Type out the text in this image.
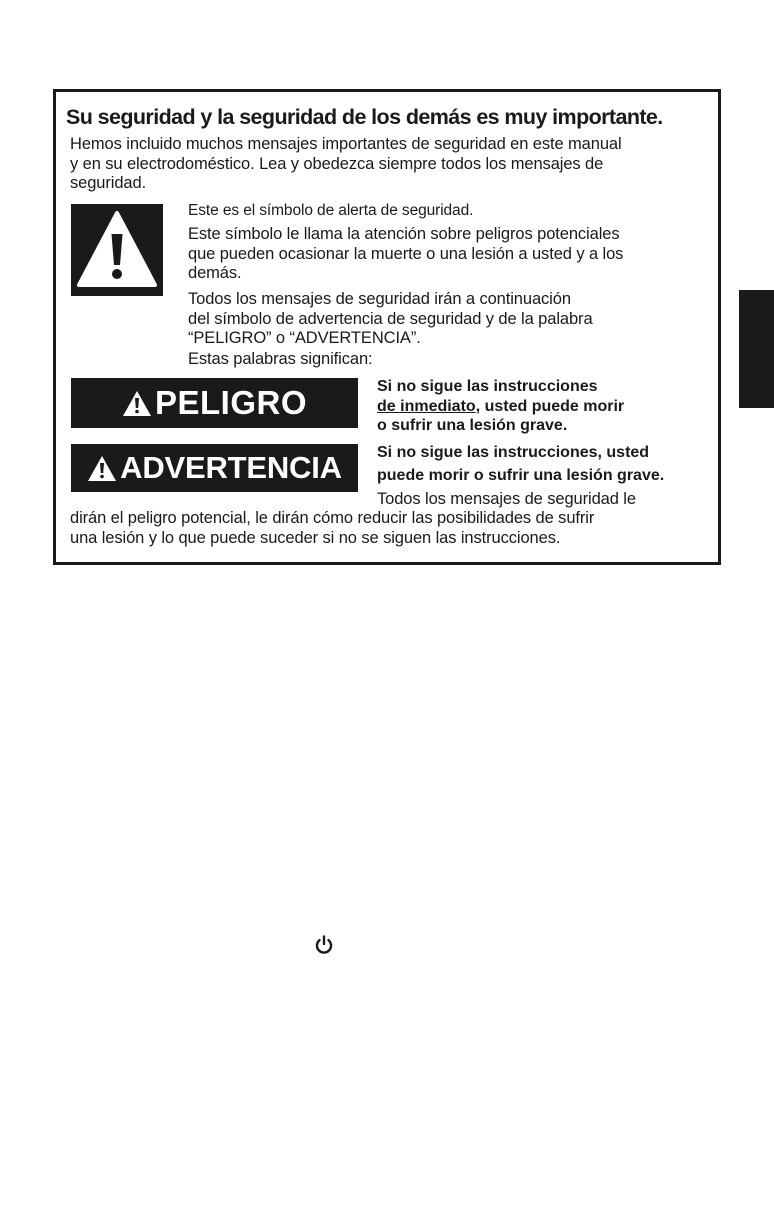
Su seguridad y la seguridad de los demás es muy importante.

Hemos incluido muchos mensajes importantes de seguridad en este manual
y en su electrodoméstico. Lea y obedezca siempre todos los mensajes de
seguridad.
Este es el símbolo de alerta de seguridad.
Este símbolo le llama la atención sobre peligros potenciales
que pueden ocasionar la muerte o una lesión a usted y a los
demás.
Todos los mensajes de seguridad irán a continuación
del símbolo de advertencia de seguridad y de la palabra
“PELIGRO” o “ADVERTENCIA”.
Estas palabras significan:
PELIGRO	Si no sigue las instrucciones
de inmediato, usted puede morir
o sufrir una lesión grave.
ADVERTENCIA Si no sigue las instrucciones, usted
puede morir o sufrir una lesión grave.
Todos los mensajes de seguridad le
dirán el peligro potencial, le dirán cómo reducir las posibilidades de sufrir
una lesión y lo que puede suceder si no se siguen las instrucciones.
